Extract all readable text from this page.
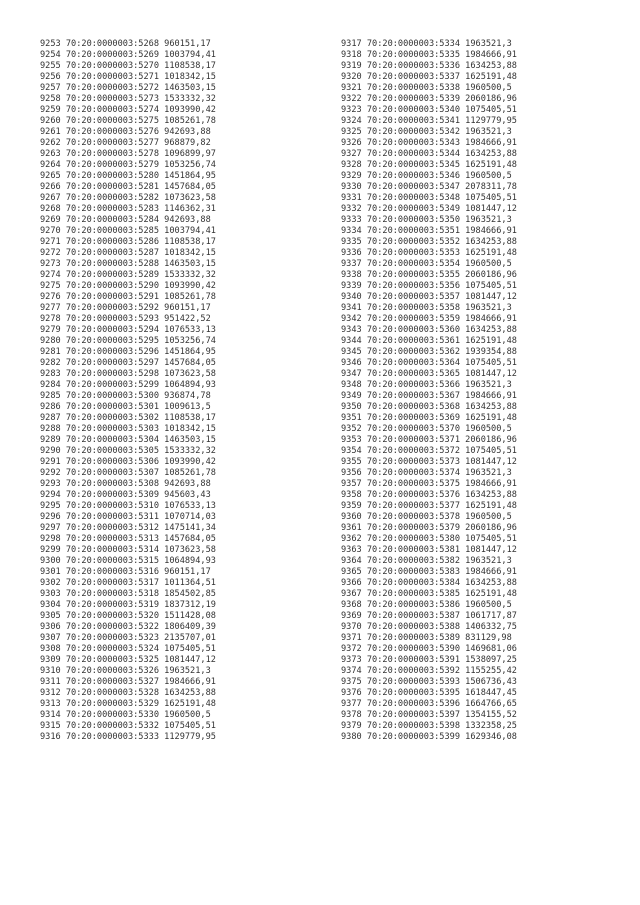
9253 70:20:0000003:5268 960151,17
9254 70:20:0000003:5269 1003794,41
9255 70:20:0000003:5270 1108538,17
9256 70:20:0000003:5271 1018342,15
9257 70:20:0000003:5272 1463503,15
9258 70:20:0000003:5273 1533332,32
9259 70:20:0000003:5274 1093990,42
9260 70:20:0000003:5275 1085261,78
9261 70:20:0000003:5276 942693,88
9262 70:20:0000003:5277 968879,82
9263 70:20:0000003:5278 1096899,97
9264 70:20:0000003:5279 1053256,74
9265 70:20:0000003:5280 1451864,95
9266 70:20:0000003:5281 1457684,05
9267 70:20:0000003:5282 1073623,58
9268 70:20:0000003:5283 1146362,31
9269 70:20:0000003:5284 942693,88
9270 70:20:0000003:5285 1003794,41
9271 70:20:0000003:5286 1108538,17
9272 70:20:0000003:5287 1018342,15
9273 70:20:0000003:5288 1463503,15
9274 70:20:0000003:5289 1533332,32
9275 70:20:0000003:5290 1093990,42
9276 70:20:0000003:5291 1085261,78
9277 70:20:0000003:5292 960151,17
9278 70:20:0000003:5293 951422,52
9279 70:20:0000003:5294 1076533,13
9280 70:20:0000003:5295 1053256,74
9281 70:20:0000003:5296 1451864,95
9282 70:20:0000003:5297 1457684,05
9283 70:20:0000003:5298 1073623,58
9284 70:20:0000003:5299 1064894,93
9285 70:20:0000003:5300 936874,78
9286 70:20:0000003:5301 1009613,5
9287 70:20:0000003:5302 1108538,17
9288 70:20:0000003:5303 1018342,15
9289 70:20:0000003:5304 1463503,15
9290 70:20:0000003:5305 1533332,32
9291 70:20:0000003:5306 1093990,42
9292 70:20:0000003:5307 1085261,78
9293 70:20:0000003:5308 942693,88
9294 70:20:0000003:5309 945603,43
9295 70:20:0000003:5310 1076533,13
9296 70:20:0000003:5311 1070714,03
9297 70:20:0000003:5312 1475141,34
9298 70:20:0000003:5313 1457684,05
9299 70:20:0000003:5314 1073623,58
9300 70:20:0000003:5315 1064894,93
9301 70:20:0000003:5316 960151,17
9302 70:20:0000003:5317 1011364,51
9303 70:20:0000003:5318 1854502,85
9304 70:20:0000003:5319 1837312,19
9305 70:20:0000003:5320 1511428,08
9306 70:20:0000003:5322 1806409,39
9307 70:20:0000003:5323 2135707,01
9308 70:20:0000003:5324 1075405,51
9309 70:20:0000003:5325 1081447,12
9310 70:20:0000003:5326 1963521,3
9311 70:20:0000003:5327 1984666,91
9312 70:20:0000003:5328 1634253,88
9313 70:20:0000003:5329 1625191,48
9314 70:20:0000003:5330 1960500,5
9315 70:20:0000003:5332 1075405,51
9316 70:20:0000003:5333 1129779,95
9317 70:20:0000003:5334 1963521,3
9318 70:20:0000003:5335 1984666,91
9319 70:20:0000003:5336 1634253,88
9320 70:20:0000003:5337 1625191,48
9321 70:20:0000003:5338 1960500,5
9322 70:20:0000003:5339 2060186,96
9323 70:20:0000003:5340 1075405,51
9324 70:20:0000003:5341 1129779,95
9325 70:20:0000003:5342 1963521,3
9326 70:20:0000003:5343 1984666,91
9327 70:20:0000003:5344 1634253,88
9328 70:20:0000003:5345 1625191,48
9329 70:20:0000003:5346 1960500,5
9330 70:20:0000003:5347 2078311,78
9331 70:20:0000003:5348 1075405,51
9332 70:20:0000003:5349 1081447,12
9333 70:20:0000003:5350 1963521,3
9334 70:20:0000003:5351 1984666,91
9335 70:20:0000003:5352 1634253,88
9336 70:20:0000003:5353 1625191,48
9337 70:20:0000003:5354 1960500,5
9338 70:20:0000003:5355 2060186,96
9339 70:20:0000003:5356 1075405,51
9340 70:20:0000003:5357 1081447,12
9341 70:20:0000003:5358 1963521,3
9342 70:20:0000003:5359 1984666,91
9343 70:20:0000003:5360 1634253,88
9344 70:20:0000003:5361 1625191,48
9345 70:20:0000003:5362 1939354,88
9346 70:20:0000003:5364 1075405,51
9347 70:20:0000003:5365 1081447,12
9348 70:20:0000003:5366 1963521,3
9349 70:20:0000003:5367 1984666,91
9350 70:20:0000003:5368 1634253,88
9351 70:20:0000003:5369 1625191,48
9352 70:20:0000003:5370 1960500,5
9353 70:20:0000003:5371 2060186,96
9354 70:20:0000003:5372 1075405,51
9355 70:20:0000003:5373 1081447,12
9356 70:20:0000003:5374 1963521,3
9357 70:20:0000003:5375 1984666,91
9358 70:20:0000003:5376 1634253,88
9359 70:20:0000003:5377 1625191,48
9360 70:20:0000003:5378 1960500,5
9361 70:20:0000003:5379 2060186,96
9362 70:20:0000003:5380 1075405,51
9363 70:20:0000003:5381 1081447,12
9364 70:20:0000003:5382 1963521,3
9365 70:20:0000003:5383 1984666,91
9366 70:20:0000003:5384 1634253,88
9367 70:20:0000003:5385 1625191,48
9368 70:20:0000003:5386 1960500,5
9369 70:20:0000003:5387 1061717,87
9370 70:20:0000003:5388 1406332,75
9371 70:20:0000003:5389 831129,98
9372 70:20:0000003:5390 1469681,06
9373 70:20:0000003:5391 1538097,25
9374 70:20:0000003:5392 1155255,42
9375 70:20:0000003:5393 1506736,43
9376 70:20:0000003:5395 1618447,45
9377 70:20:0000003:5396 1664766,65
9378 70:20:0000003:5397 1354155,52
9379 70:20:0000003:5398 1332358,25
9380 70:20:0000003:5399 1629346,08
